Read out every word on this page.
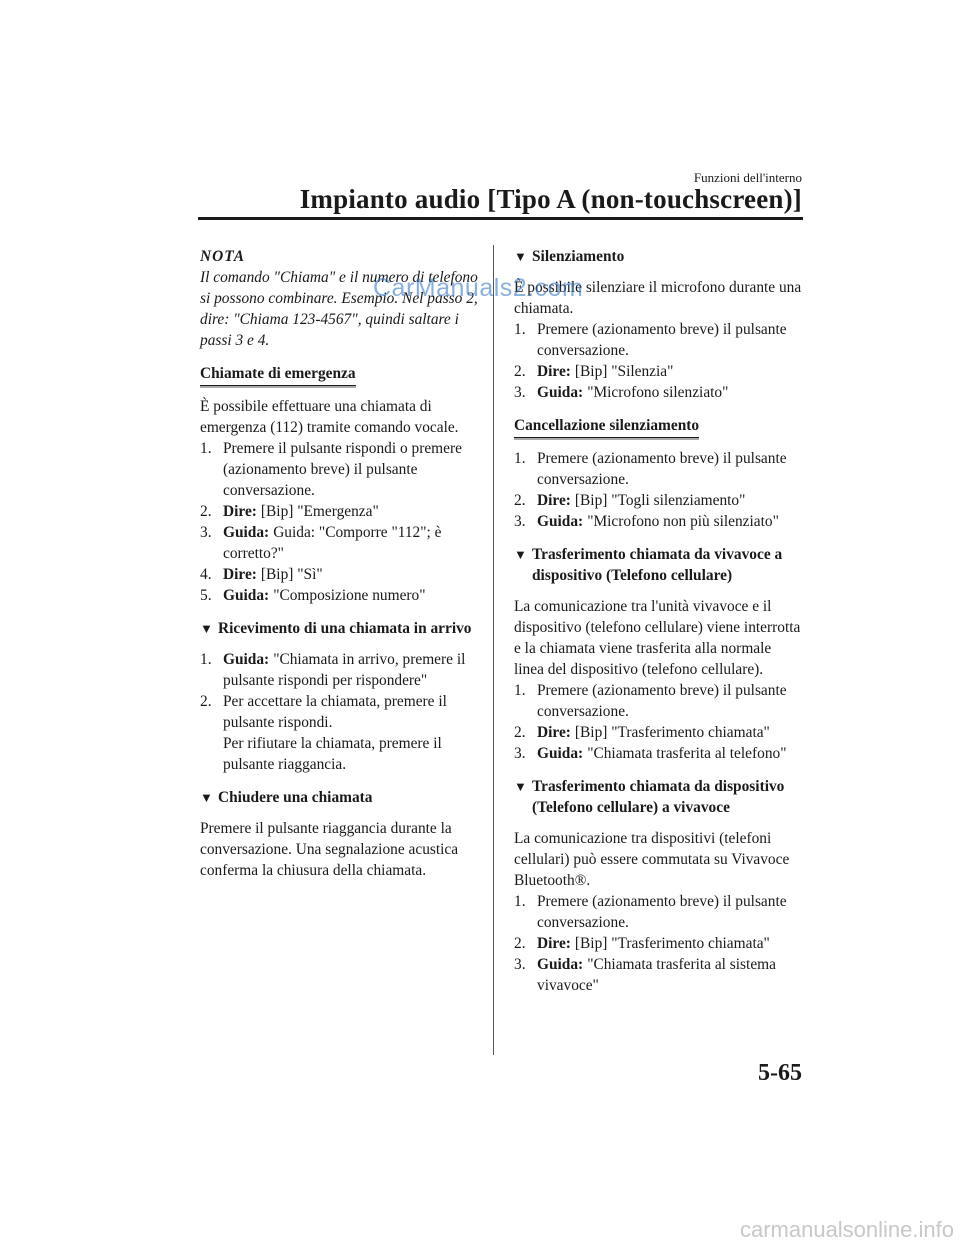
Funzioni dell'interno
Impianto audio [Tipo A (non-touchscreen)]

NOTA

Il comando "Chiama" e il numero di telefono si possono combinare. Esempio. Nel passo 2, dire: "Chiama 123-4567", quindi saltare i passi 3 e 4.

Chiamate di emergenza

È possibile effettuare una chiamata di emergenza (112) tramite comando vocale.

1. Premere il pulsante rispondi o premere (azionamento breve) il pulsante conversazione.
2. Dire: [Bip] "Emergenza"
3. Guida: Guida: "Comporre "112"; è corretto?"
4. Dire: [Bip] "Sì"
5. Guida: "Composizione numero"
▼ Ricevimento di una chiamata in arrivo
1. Guida: "Chiamata in arrivo, premere il pulsante rispondi per rispondere"
2. Per accettare la chiamata, premere il pulsante rispondi.

Per rifiutare la chiamata, premere il pulsante riaggancia.

▼ Chiudere una chiamata

Premere il pulsante riaggancia durante la conversazione. Una segnalazione acustica conferma la chiusura della chiamata.

▼ Silenziamento

È possibile silenziare il microfono durante una chiamata.

1. Premere (azionamento breve) il pulsante conversazione.
2. Dire: [Bip] "Silenzia"
3. Guida: "Microfono silenziato"
Cancellazione silenziamento
1. Premere (azionamento breve) il pulsante conversazione.
2. Dire: [Bip] "Togli silenziamento"
3. Guida: "Microfono non più silenziato"
▼ Trasferimento chiamata da vivavoce a dispositivo (Telefono cellulare)

La comunicazione tra l'unità vivavoce e il dispositivo (telefono cellulare) viene interrotta e la chiamata viene trasferita alla normale linea del dispositivo (telefono cellulare).

1. Premere (azionamento breve) il pulsante conversazione.
2. Dire: [Bip] "Trasferimento chiamata"
3. Guida: "Chiamata trasferita al telefono"
▼ Trasferimento chiamata da dispositivo (Telefono cellulare) a vivavoce

La comunicazione tra dispositivi (telefoni cellulari) può essere commutata su Vivavoce Bluetooth®.

1. Premere (azionamento breve) il pulsante conversazione.
2. Dire: [Bip] "Trasferimento chiamata"
3. Guida: "Chiamata trasferita al sistema vivavoce"
5-65
CarManuals2.com
carmanualsonline.info
